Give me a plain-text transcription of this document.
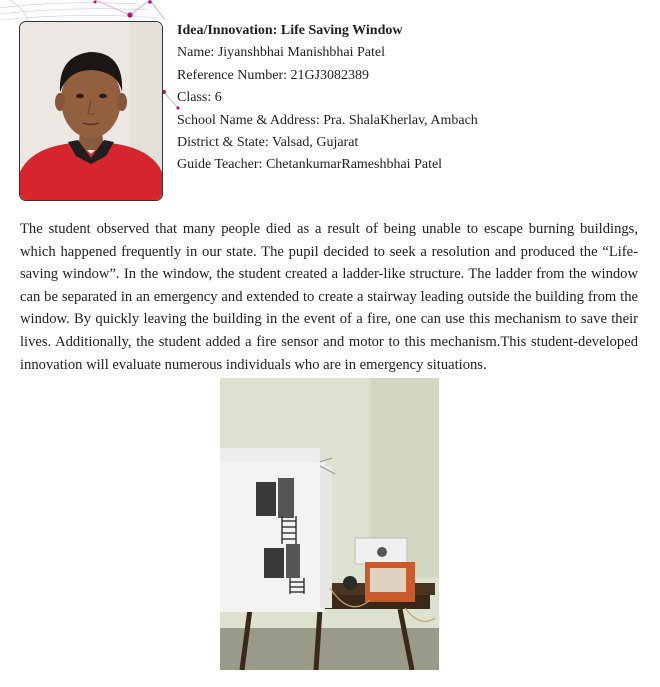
Idea/Innovation: Life Saving Window
Name: Jiyanshbhai Manishbhai Patel
Reference Number: 21GJ3082389
Class: 6
School Name & Address: Pra. ShalaKherlav, Ambach
District & State: Valsad, Gujarat
Guide Teacher: ChetankumarRameshbhai Patel

The student observed that many people died as a result of being unable to escape burning buildings, which happened frequently in our state. The pupil decided to seek a resolution and produced the “Life-saving window”. In the window, the student created a ladder-like structure. The ladder from the window can be separated in an emergency and extended to create a stairway leading outside the building from the window. By quickly leaving the building in the event of a fire, one can use this mechanism to save their lives. Additionally, the student added a fire sensor and motor to this mechanism.This student-developed innovation will evaluate numerous individuals who are in emergency situations.
